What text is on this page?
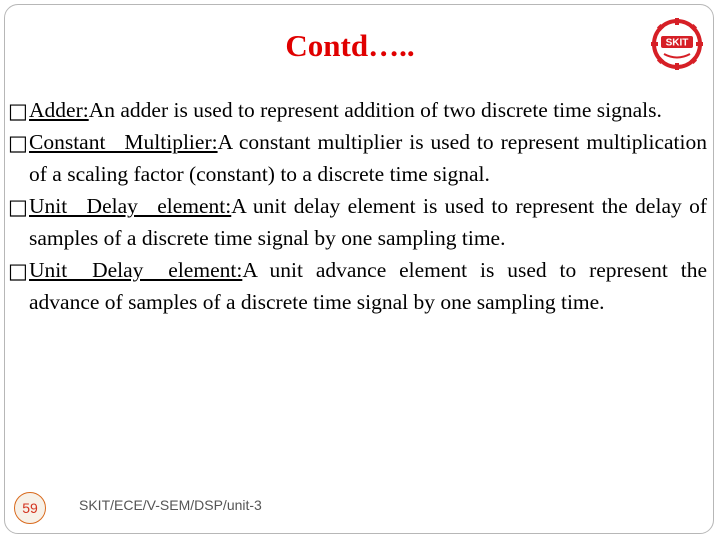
Contd…..	SKIT
□ Adder:An adder is used to represent addition of two discrete time signals.
□ Constant Multiplier:A constant multiplier is used to represent multiplication of a scaling factor (constant) to a discrete time signal.
□ Unit Delay element:A unit delay element is used to represent the delay of samples of a discrete time signal by one sampling time.
□ Unit Delay element:A unit advance element is used to represent the advance of samples of a discrete time signal by one sampling time.
59	SKIT/ECE/V-SEM/DSP/unit-3
